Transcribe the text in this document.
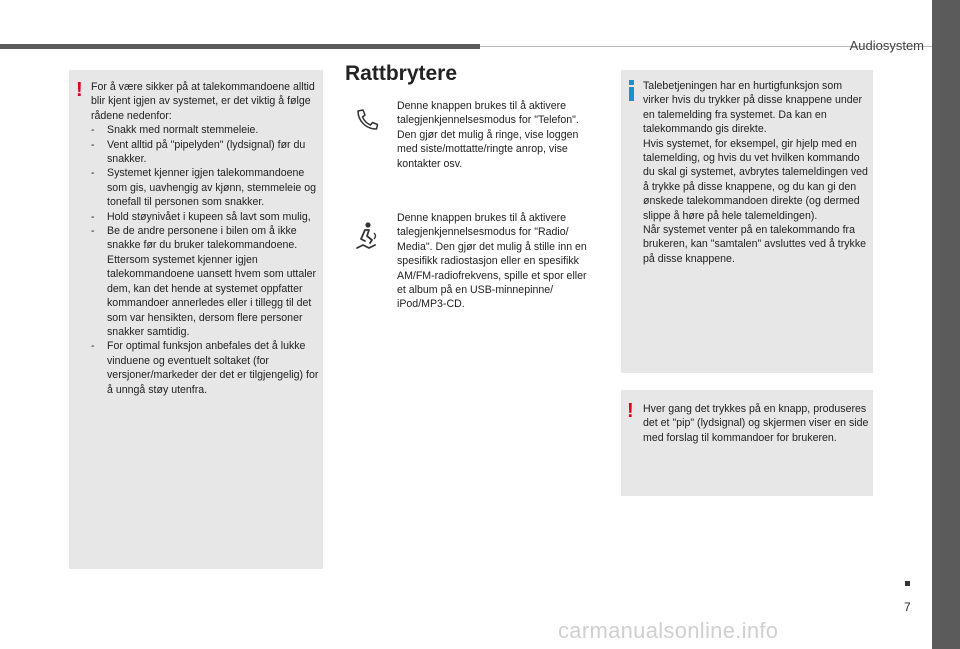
Audiosystem
! For å være sikker på at talekommandoene alltid blir kjent igjen av systemet, er det viktig å følge rådene nedenfor:

- Snakk med normalt stemmeleie.

- Vent alltid på "pipelyden" (lydsignal) før du snakker.

- Systemet kjenner igjen talekommandoene som gis, uavhengig av kjønn, stemmeleie og tonefall til personen som snakker.

- Hold støynivået i kupeen så lavt som mulig,

- Be de andre personene i bilen om å ikke snakke før du bruker talekommandoene. Ettersom systemet kjenner igjen talekommandoene uansett hvem som uttaler dem, kan det hende at systemet oppfatter kommandoer annerledes eller i tillegg til det som var hensikten, dersom flere personer snakker samtidig.

- For optimal funksjon anbefales det å lukke vinduene og eventuelt soltaket (for versjoner/markeder der det er tilgjengelig) for å unngå støy utenfra.

Rattbrytere
Denne knappen brukes til å aktivere talegjenkjennelsesmodus for "Telefon". Den gjør det mulig å ringe, vise loggen med siste/mottatte/ringte anrop, vise kontakter osv.
Denne knappen brukes til å aktivere talegjenkjennelsesmodus for "Radio/ Media". Den gjør det mulig å stille inn en spesifikk radiostasjon eller en spesifikk AM/FM-radiofrekvens, spille et spor eller et album på en USB-minnepinne/ iPod/MP3-CD.

Talebetjeningen har en hurtigfunksjon som virker hvis du trykker på disse knappene under en talemelding fra systemet. Da kan en talekommando gis direkte.

Hvis systemet, for eksempel, gir hjelp med en talemelding, og hvis du vet hvilken kommando du skal gi systemet, avbrytes talemeldingen ved å trykke på disse knappene, og du kan gi den ønskede talekommandoen direkte (og dermed slippe å høre på hele talemeldingen).

Når systemet venter på en talekommando fra brukeren, kan "samtalen" avsluttes ved å trykke på disse knappene.

! Hver gang det trykkes på en knapp, produseres det et "pip" (lydsignal) og skjermen viser en side med forslag til kommandoer for brukeren.
7
carmanualsonline.info
